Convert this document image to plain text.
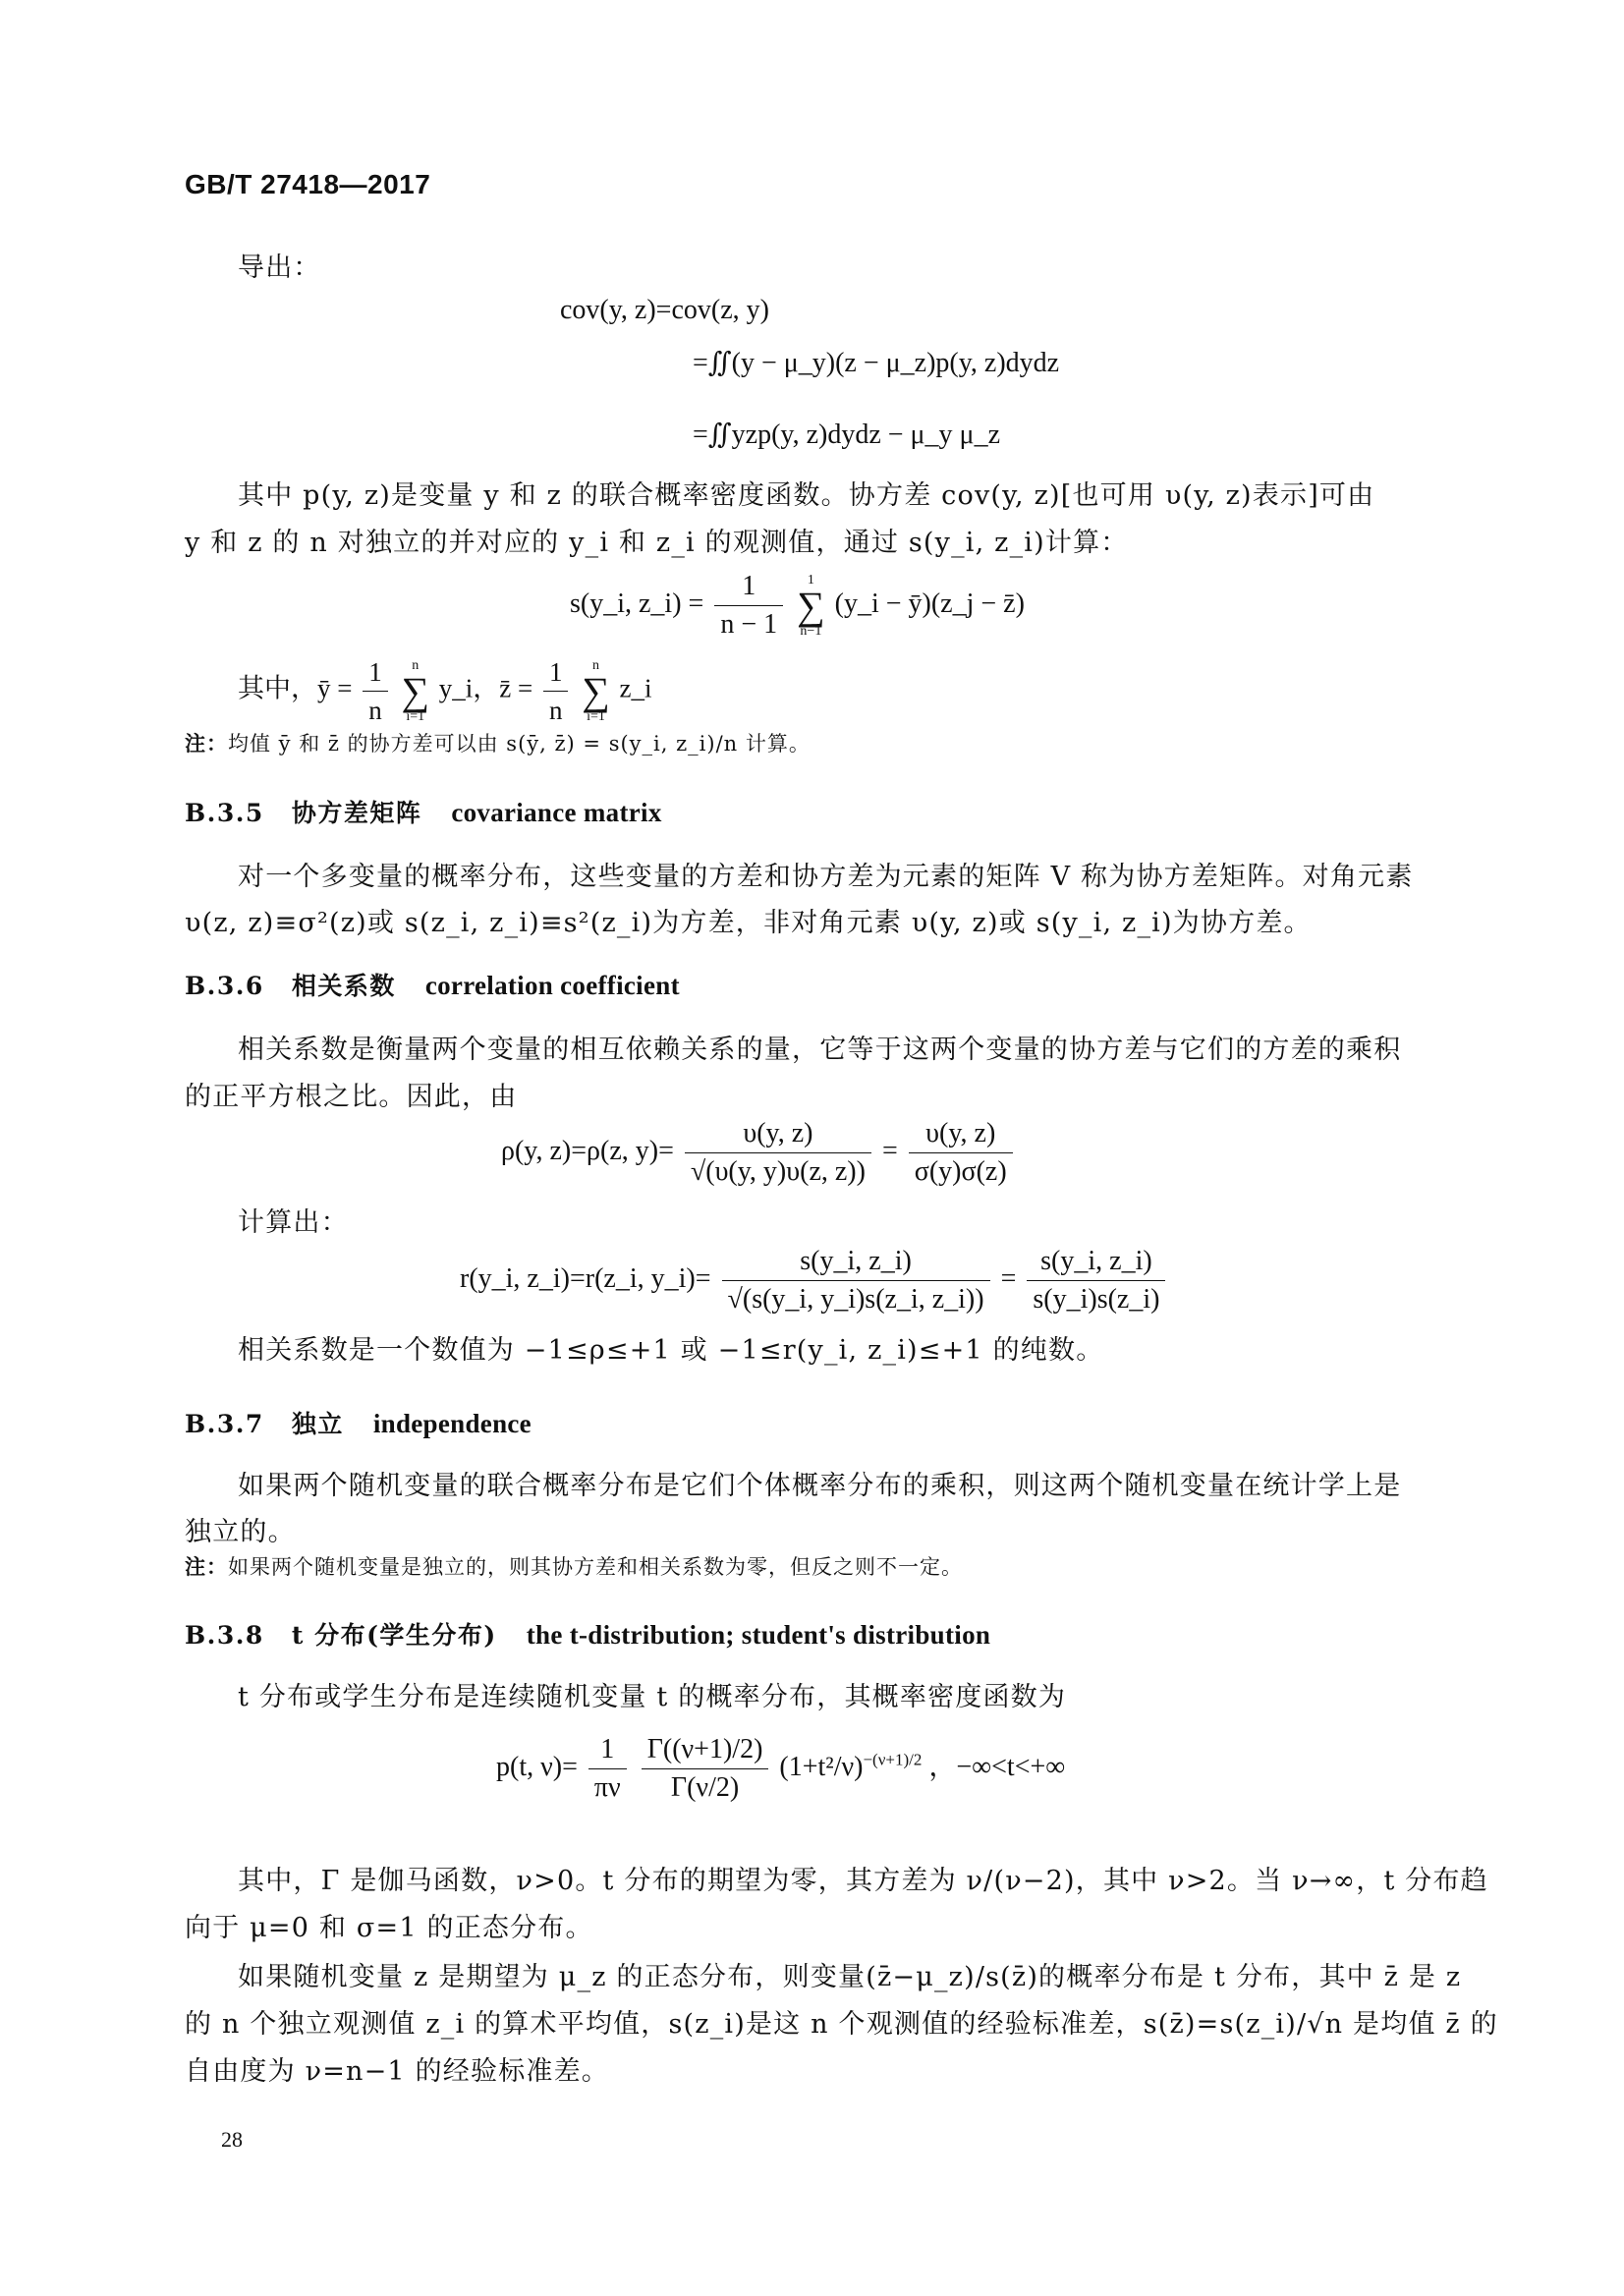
GB/T 27418—2017
导出：
cov(y, z)=cov(z, y)
=∬(y − μ_y)(z − μ_z)p(y, z)dydz
=∬yzp(y, z)dydz − μ_y μ_z
其中 p(y, z)是变量 y 和 z 的联合概率密度函数。协方差 cov(y, z)[也可用 υ(y, z)表示]可由
y 和 z 的 n 对独立的并对应的 y_i 和 z_i 的观测值，通过 s(y_i, z_i)计算：
s(y_i, z_i) = $\frac{1}{n - 1} 1$
∑
n−1 (y_i − ȳ)(z_j − z̄)
其中，ȳ = $\frac{1}{n}$ n
∑
i=1 y_i，z̄ = $\frac{1}{n}$ n
∑
i=1 z_i
注：均值 ȳ 和 z̄ 的协方差可以由 s(ȳ, z̄) = s(y_i, z_i)/n 计算。
B.3.5 协方差矩阵 covariance matrix
对一个多变量的概率分布，这些变量的方差和协方差为元素的矩阵 V 称为协方差矩阵。对角元素
υ(z, z)≡σ²(z)或 s(z_i, z_i)≡s²(z_i)为方差，非对角元素 υ(y, z)或 s(y_i, z_i)为协方差。
B.3.6 相关系数 correlation coefficient
相关系数是衡量两个变量的相互依赖关系的量，它等于这两个变量的协方差与它们的方差的乘积
的正平方根之比。因此，由
ρ(y, z)=ρ(z, $y)= \frac{\upsilon(y, z)}{√(\upsilon(y, y)\upsilon(z, z))} = \frac{\upsilon(y, z)}{\sigma(y)\sigma(z)}$
计算出：
r(y_i, z_i)=r(z_i, y_i)= $\frac{s(y\_i, z\_i)}{√(s(y\_i, y\_i)s(z\_i, z\_i))} = \frac{s(y\_i, z\_i)}{s(y\_i)s(z\_i)}$
相关系数是一个数值为 −1≤ρ≤+1 或 −1≤r(y_i, z_i)≤+1 的纯数。
B.3.7 独立 independence
如果两个随机变量的联合概率分布是它们个体概率分布的乘积，则这两个随机变量在统计学上是
独立的。
注：如果两个随机变量是独立的，则其协方差和相关系数为零，但反之则不一定。
B.3.8 t 分布(学生分布) the t-distribution; student's distribution
t 分布或学生分布是连续随机变量 t 的概率分布，其概率密度函数为
p(t, $\nu)= \frac{1}{\pi\nu}$
$\frac{\Gamma((\nu+1)/2)}{\Gamma(\nu/2)} (1+t^2/\nu)^{-(\nu+1)/2}$ ，−∞<t<+∞
其中，Γ 是伽马函数，ν>0。t 分布的期望为零，其方差为 ν/(ν−2)，其中 ν>2。当 ν→∞，t 分布趋
向于 μ=0 和 σ=1 的正态分布。
如果随机变量 z 是期望为 μ_z 的正态分布，则变量(z̄−μ_z)/s(z̄)的概率分布是 t 分布，其中 z̄ 是 z
的 n 个独立观测值 z_i 的算术平均值，s(z_i)是这 n 个观测值的经验标准差，s(z̄)=s(z_i)/√n 是均值 z̄ 的
自由度为 ν=n−1 的经验标准差。
28
